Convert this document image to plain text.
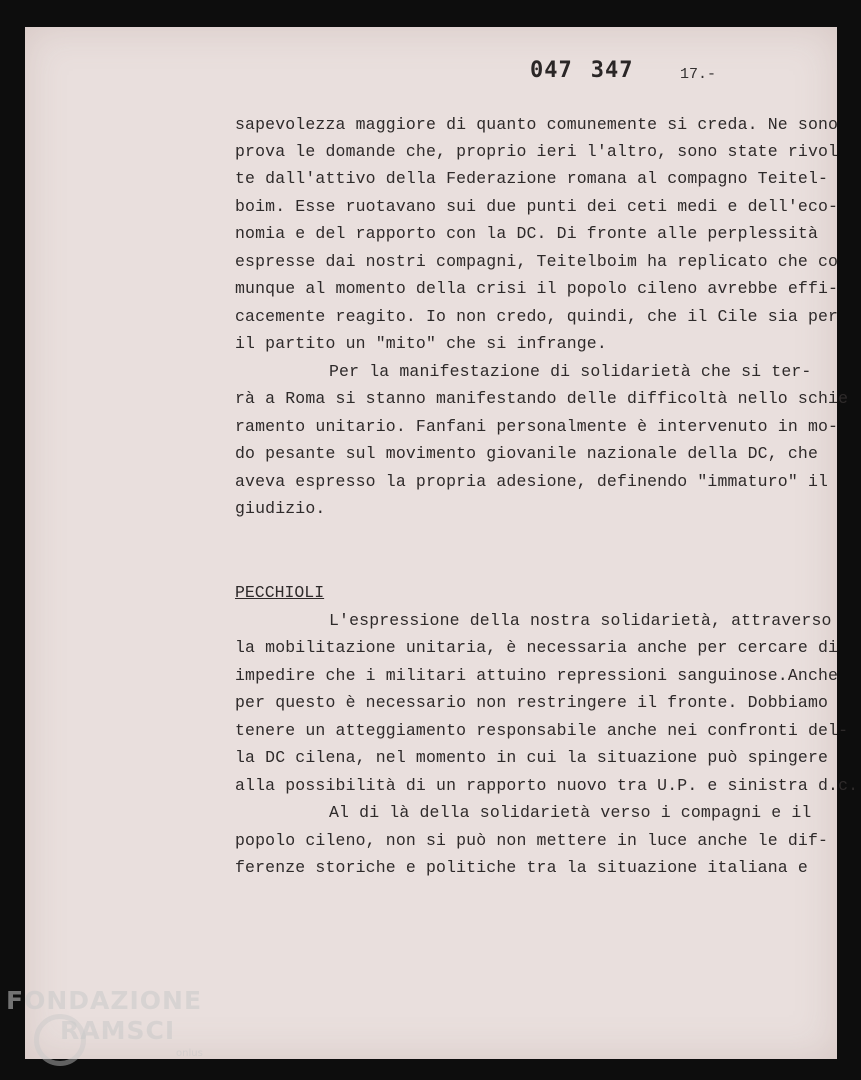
047 347	17.-
sapevolezza maggiore di quanto comunemente si creda. Ne sono
prova le domande che, proprio ieri l'altro, sono state rivol
te dall'attivo della Federazione romana al compagno Teitel-
boim. Esse ruotavano sui due punti dei ceti medi e dell'eco-
nomia e del rapporto con la DC. Di fronte alle perplessità
espresse dai nostri compagni, Teitelboim ha replicato che co
munque al momento della crisi il popolo cileno avrebbe effi-
cacemente reagito. Io non credo, quindi, che il Cile sia per
il partito un "mito" che si infrange.
Per la manifestazione di solidarietà che si ter-
rà a Roma si stanno manifestando delle difficoltà nello schie
ramento unitario. Fanfani personalmente è intervenuto in mo-
do pesante sul movimento giovanile nazionale della DC, che
aveva espresso la propria adesione, definendo "immaturo" il
giudizio.
PECCHIOLI
L'espressione della nostra solidarietà, attraverso
la mobilitazione unitaria, è necessaria anche per cercare di
impedire che i militari attuino repressioni sanguinose.Anche
per questo è necessario non restringere il fronte. Dobbiamo
tenere un atteggiamento responsabile anche nei confronti del-
la DC cilena, nel momento in cui la situazione può spingere
alla possibilità di un rapporto nuovo tra U.P. e sinistra d.c.
Al di là della solidarietà verso i compagni e il
popolo cileno, non si può non mettere in luce anche le dif-
ferenze storiche e politiche tra la situazione italiana e
FONDAZIONE
RAMSCI
onlus
